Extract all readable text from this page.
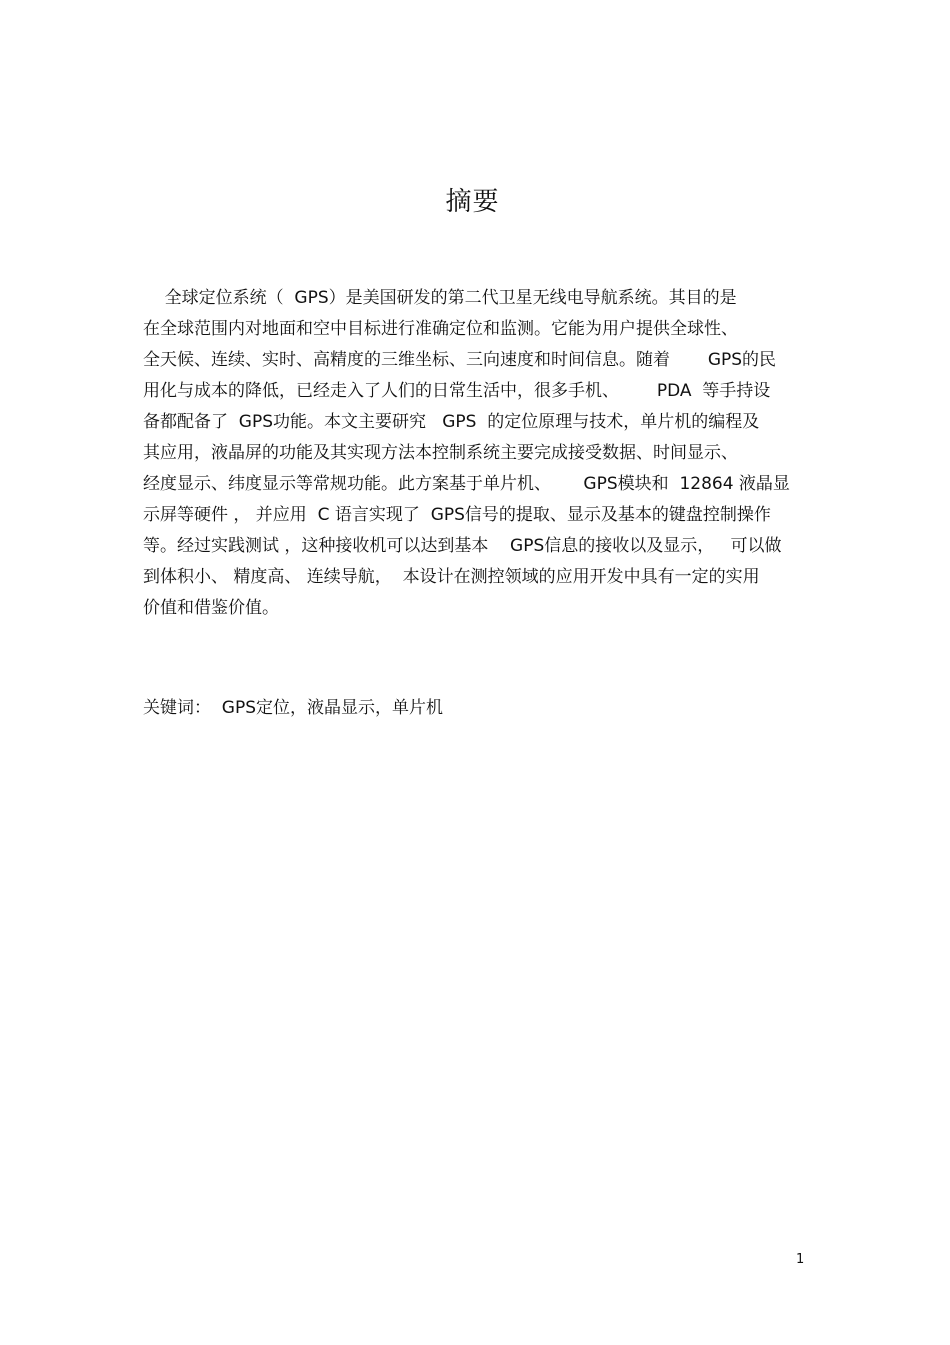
摘要
全球定位系统（  GPS）是美国研发的第二代卫星无线电导航系统。其目的是
在全球范围内对地面和空中目标进行准确定位和监测。它能为用户提供全球性、
全天候、连续、实时、高精度的三维坐标、三向速度和时间信息。随着       GPS的民
用化与成本的降低，已经走入了人们的日常生活中，很多手机、       PDA  等手持设
备都配备了  GPS功能。本文主要研究   GPS  的定位原理与技术，单片机的编程及
其应用，液晶屏的功能及其实现方法本控制系统主要完成接受数据、时间显示、
经度显示、纬度显示等常规功能。此方案基于单片机、      GPS模块和  12864 液晶显
示屏等硬件 ， 并应用  C 语言实现了  GPS信号的提取、显示及基本的键盘控制操作
等。经过实践测试 ，这种接收机可以达到基本    GPS信息的接收以及显示，   可以做
到体积小、 精度高、 连续导航，  本设计在测控领域的应用开发中具有一定的实用
价值和借鉴价值。
关键词：  GPS定位，液晶显示，单片机
1
